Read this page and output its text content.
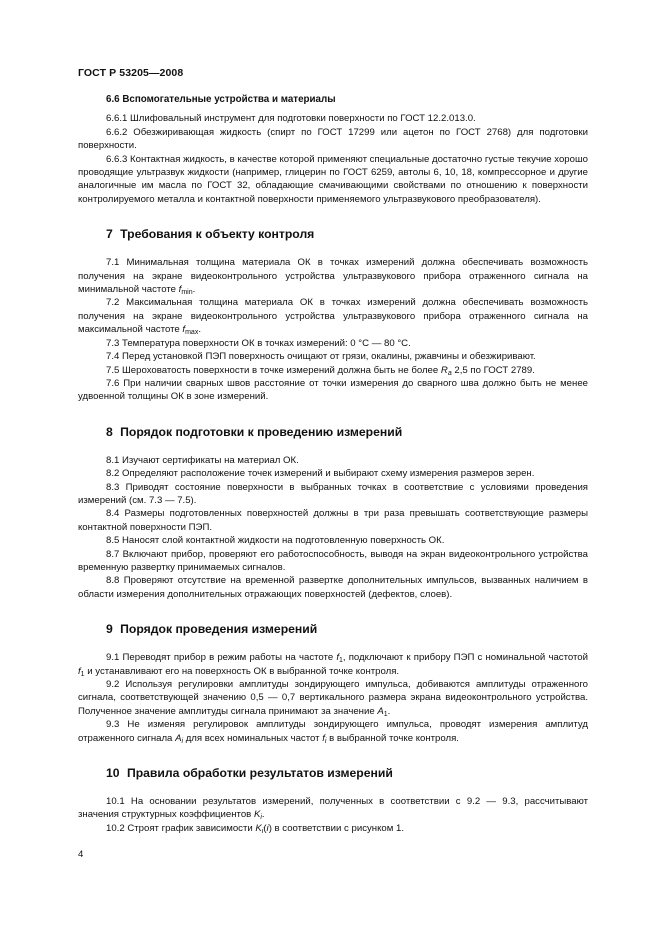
ГОСТ Р 53205—2008
6.6 Вспомогательные устройства и материалы

6.6.1 Шлифовальный инструмент для подготовки поверхности по ГОСТ 12.2.013.0.

6.6.2 Обезжиривающая жидкость (спирт по ГОСТ 17299 или ацетон по ГОСТ 2768) для подготовки поверхности.

6.6.3 Контактная жидкость, в качестве которой применяют специальные достаточно густые текучие хорошо проводящие ультразвук жидкости (например, глицерин по ГОСТ 6259, автолы 6, 10, 18, компрессорное и другие аналогичные им масла по ГОСТ 32, обладающие смачивающими свойствами по отношению к поверхности контролируемого металла и контактной поверхности применяемого ультразвукового преобразователя).

7 Требования к объекту контроля

7.1 Минимальная толщина материала ОК в точках измерений должна обеспечивать возможность получения на экране видеоконтрольного устройства ультразвукового прибора отраженного сигнала на минимальной частоте $f_{min}$.

7.2 Максимальная толщина материала ОК в точках измерений должна обеспечивать возможность получения на экране видеоконтрольного устройства ультразвукового прибора отраженного сигнала на максимальной частоте $f_{max}$.

7.3 Температура поверхности ОК в точках измерений: 0 °С — 80 °С.

7.4 Перед установкой ПЭП поверхность очищают от грязи, окалины, ржавчины и обезжиривают.

7.5 Шероховатость поверхности в точке измерений должна быть не более $R_a$ 2,5 по ГОСТ 2789.

7.6 При наличии сварных швов расстояние от точки измерения до сварного шва должно быть не менее удвоенной толщины ОК в зоне измерений.

8 Порядок подготовки к проведению измерений

8.1 Изучают сертификаты на материал ОК.

8.2 Определяют расположение точек измерений и выбирают схему измерения размеров зерен.

8.3 Приводят состояние поверхности в выбранных точках в соответствие с условиями проведения измерений (см. 7.3 — 7.5).

8.4 Размеры подготовленных поверхностей должны в три раза превышать соответствующие размеры контактной поверхности ПЭП.

8.5 Наносят слой контактной жидкости на подготовленную поверхность ОК.

8.7 Включают прибор, проверяют его работоспособность, выводя на экран видеоконтрольного устройства временную развертку принимаемых сигналов.

8.8 Проверяют отсутствие на временной развертке дополнительных импульсов, вызванных наличием в области измерения дополнительных отражающих поверхностей (дефектов, слоев).

9 Порядок проведения измерений

9.1 Переводят прибор в режим работы на частоте $f_1$, подключают к прибору ПЭП с номинальной частотой $f_1$ и устанавливают его на поверхность ОК в выбранной точке контроля.

9.2 Используя регулировки амплитуды зондирующего импульса, добиваются амплитуды отраженного сигнала, соответствующей значению 0,5 — 0,7 вертикального размера экрана видеоконтрольного устройства. Полученное значение амплитуды сигнала принимают за значение $A_1$.

9.3 Не изменяя регулировок амплитуды зондирующего импульса, проводят измерения амплитуд отраженного сигнала $A_i$ для всех номинальных частот $f_i$ в выбранной точке контроля.

10 Правила обработки результатов измерений

10.1 На основании результатов измерений, полученных в соответствии с 9.2 — 9.3, рассчитывают значения структурных коэффициентов $K_i$.

10.2 Строят график зависимости $K_i(i)$ в соответствии с рисунком 1.

4
